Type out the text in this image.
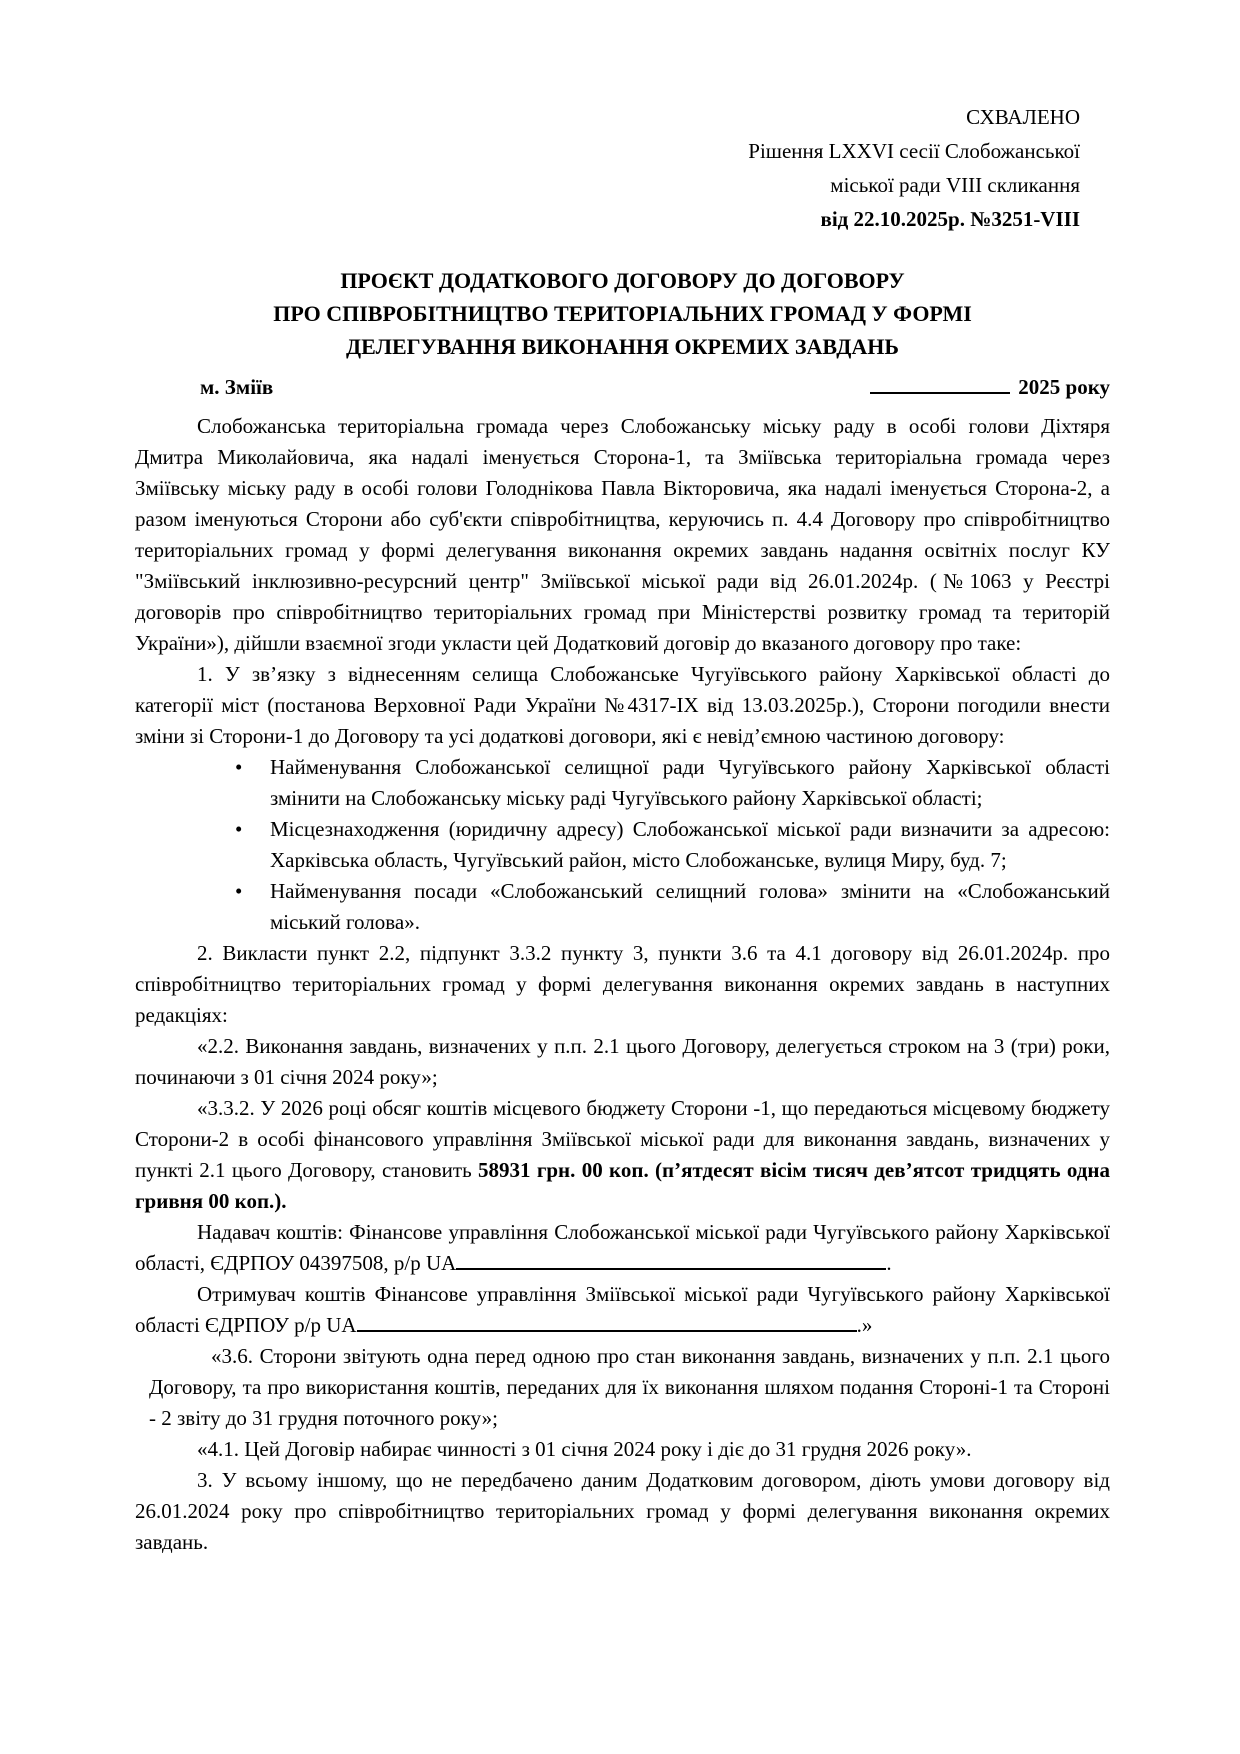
СХВАЛЕНО
Рішення LXXVI сесії Слобожанської
міської ради VIII скликання
від 22.10.2025р. №3251-VIII
ПРОЄКТ ДОДАТКОВОГО ДОГОВОРУ ДО ДОГОВОРУ
ПРО СПІВРОБІТНИЦТВО ТЕРИТОРІАЛЬНИХ ГРОМАД У ФОРМІ
ДЕЛЕГУВАННЯ ВИКОНАННЯ ОКРЕМИХ ЗАВДАНЬ
м. Зміїв	2025 року

Слобожанська територіальна громада через Слобожанську міську раду в особі голови Діхтяря Дмитра Миколайовича, яка надалі іменується Сторона-1, та Зміївська територіальна громада через Зміївську міську раду в особі голови Голоднікова Павла Вікторовича, яка надалі іменується Сторона-2, а разом іменуються Сторони або суб'єкти співробітництва, керуючись п. 4.4 Договору про співробітництво територіальних громад у формі делегування виконання окремих завдань надання освітніх послуг КУ "Зміївський інклюзивно-ресурсний центр" Зміївської міської ради від 26.01.2024р. (№1063 у Реєстрі договорів про співробітництво територіальних громад при Міністерстві розвитку громад та територій України»), дійшли взаємної згоди укласти цей Додатковий договір до вказаного договору про таке:

1. У зв’язку з віднесенням селища Слобожанське Чугуївського району Харківської області до категорії міст (постанова Верховної Ради України №4317-ІХ від 13.03.2025р.), Сторони погодили внести зміни зі Сторони-1 до Договору та усі додаткові договори, які є невід’ємною частиною договору:

• Найменування Слобожанської селищної ради Чугуївського району Харківської області змінити на Слобожанську міську раді Чугуївського району Харківської області;
• Місцезнаходження (юридичну адресу) Слобожанської міської ради визначити за адресою: Харківська область, Чугуївський район, місто Слобожанське, вулиця Миру, буд. 7;
• Найменування посади «Слобожанський селищний голова» змінити на «Слобожанський міський голова».

2. Викласти пункт 2.2, підпункт 3.3.2 пункту 3, пункти 3.6 та 4.1 договору від 26.01.2024р. про співробітництво територіальних громад у формі делегування виконання окремих завдань в наступних редакціях:

«2.2. Виконання завдань, визначених у п.п. 2.1 цього Договору, делегується строком на 3 (три) роки, починаючи з 01 січня 2024 року»;

«3.3.2. У 2026 році обсяг коштів місцевого бюджету Сторони -1, що передаються місцевому бюджету Сторони-2 в особі фінансового управління Зміївської міської ради для виконання завдань, визначених у пункті 2.1 цього Договору, становить 58931 грн. 00 коп. (п’ятдесят вісім тисяч дев’ятсот тридцять одна гривня 00 коп.).

Надавач коштів: Фінансове управління Слобожанської міської ради Чугуївського району Харківської області, ЄДРПОУ 04397508, р/р UA	.

Отримувач коштів Фінансове управління Зміївської міської ради Чугуївського району Харківської області ЄДРПОУ р/р UA	.»

«3.6. Сторони звітують одна перед одною про стан виконання завдань, визначених у п.п. 2.1 цього Договору, та про використання коштів, переданих для їх виконання шляхом подання Стороні-1 та Стороні - 2 звіту до 31 грудня поточного року»;

«4.1. Цей Договір набирає чинності з 01 січня 2024 року і діє до 31 грудня 2026 року».

3. У всьому іншому, що не передбачено даним Додатковим договором, діють умови договору від 26.01.2024 року про співробітництво територіальних громад у формі делегування виконання окремих завдань.
